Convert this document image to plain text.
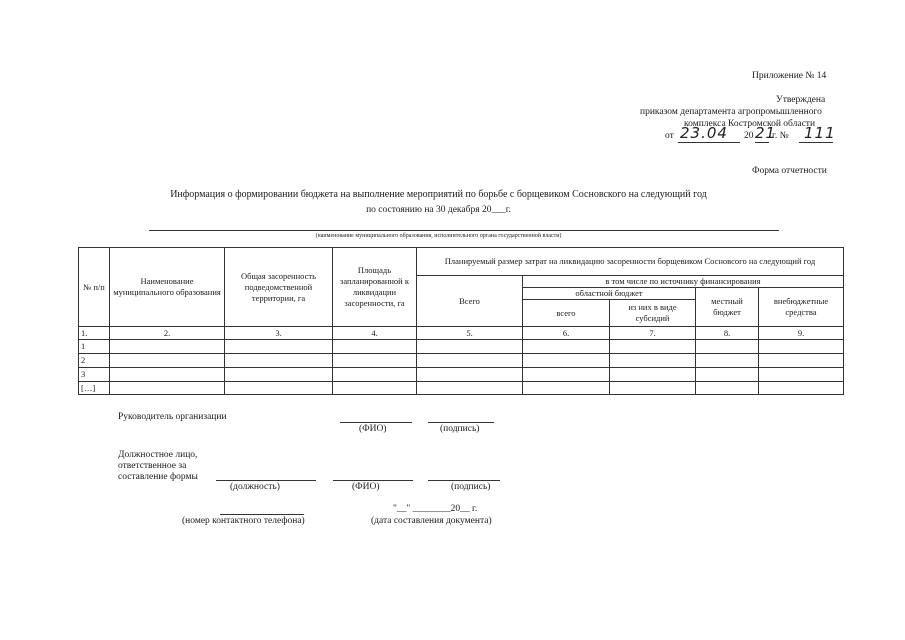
Приложение № 14
Утверждена
приказом департамента агропромышленного
комплекса Костромской области
от 23.04 20 21
г. № 111
Форма отчетности
Информация о формировании бюджета на выполнение мероприятий по борьбе с борщевиком Сосновского на следующий год
по состоянию на 30 декабря 20___г.
(наименование муниципального образования, исполнительного органа государственной власти)
№ п/п	Наименование муниципального образования	Общая засоренность подведомственной территории, га	Площадь запланированной к ликвидации засоренности, га	Планируемый размер затрат на ликвидацию засоренности борщевиком Сосновсого на следующий год				
				Всего	в том числе по источнику финансирования			
					областной бюджет		местный бюджет	внебюджетные средства
					всего	из них в виде субсидий		
1.	2.	3.	4.	5.	6.	7.	8.	9.
1								
2								
3								
[…]								
Руководитель организации
(ФИО)	(подпись)
Должностное лицо,
ответственное за
составление формы
(должность)	(ФИО)	(подпись)
"__" ________20__ г.
(номер контактного телефона)	(дата составления документа)
